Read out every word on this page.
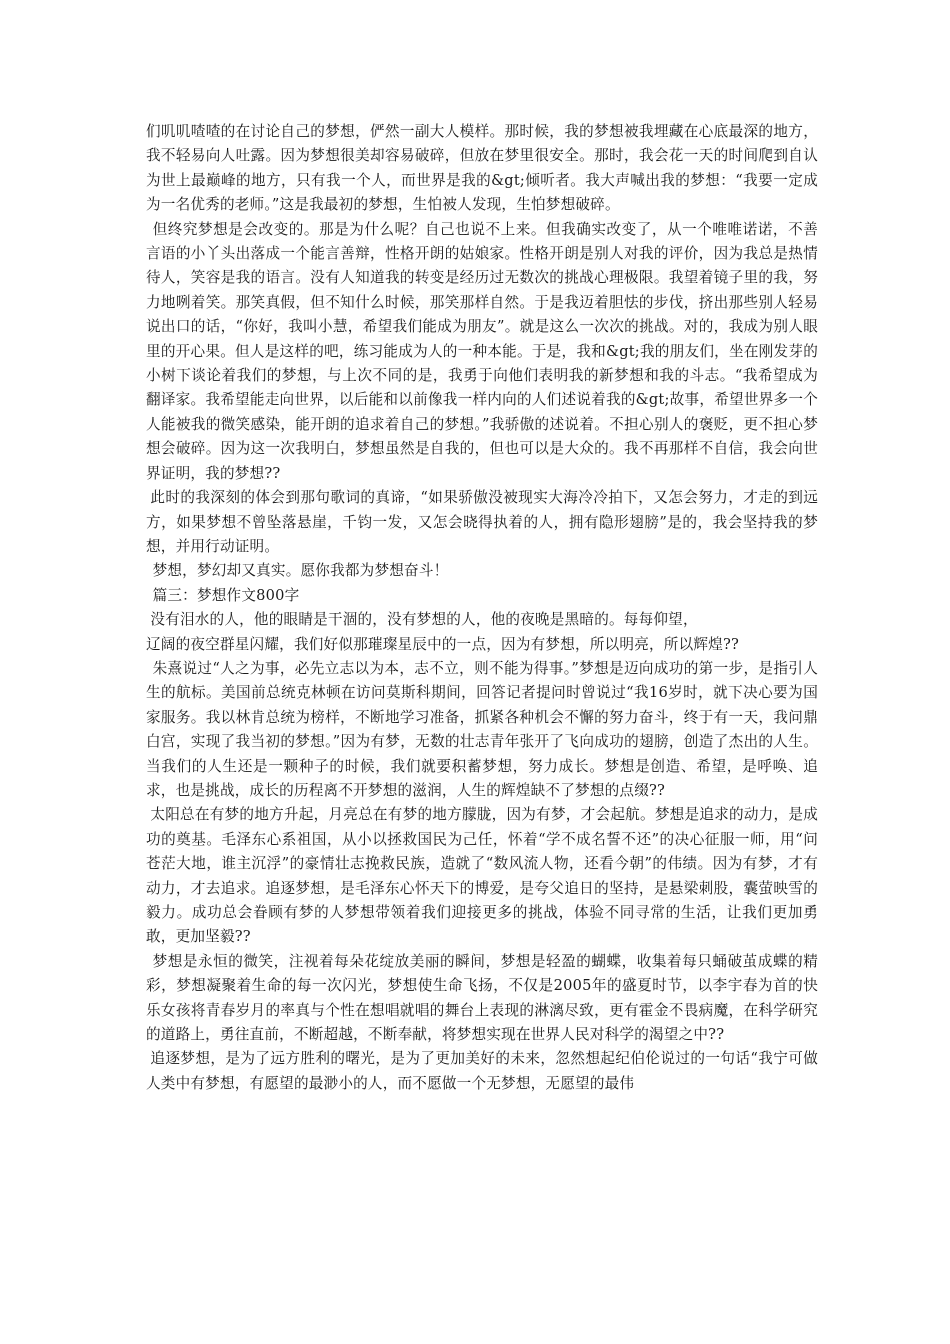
们叽叽喳喳的在讨论自己的梦想，俨然一副大人模样。那时候，我的梦想被我埋藏在心底最深的地方，我不轻易向人吐露。因为梦想很美却容易破碎，但放在梦里很安全。那时，我会花一天的时间爬到自认为世上最巅峰的地方，只有我一个人，而世界是我的&gt;倾听者。我大声喊出我的梦想：“我要一定成为一名优秀的老师。”这是我最初的梦想，生怕被人发现，生怕梦想破碎。

但终究梦想是会改变的。那是为什么呢？自己也说不上来。但我确实改变了，从一个唯唯诺诺，不善言语的小丫头出落成一个能言善辩，性格开朗的姑娘家。性格开朗是别人对我的评价，因为我总是热情待人，笑容是我的语言。没有人知道我的转变是经历过无数次的挑战心理极限。我望着镜子里的我，努力地咧着笑。那笑真假，但不知什么时候，那笑那样自然。于是我迈着胆怯的步伐，挤出那些别人轻易说出口的话，“你好，我叫小慧，希望我们能成为朋友”。就是这么一次次的挑战。对的，我成为别人眼里的开心果。但人是这样的吧，练习能成为人的一种本能。于是，我和&gt;我的朋友们，坐在刚发芽的小树下谈论着我们的梦想，与上次不同的是，我勇于向他们表明我的新梦想和我的斗志。“我希望成为翻译家。我希望能走向世界，以后能和以前像我一样内向的人们述说着我的&gt;故事，希望世界多一个人能被我的微笑感染，能开朗的追求着自己的梦想。”我骄傲的述说着。不担心别人的褒贬，更不担心梦想会破碎。因为这一次我明白，梦想虽然是自我的，但也可以是大众的。我不再那样不自信，我会向世界证明，我的梦想??

此时的我深刻的体会到那句歌词的真谛，“如果骄傲没被现实大海冷冷拍下，又怎会努力，才走的到远方，如果梦想不曾坠落悬崖，千钧一发，又怎会晓得执着的人，拥有隐形翅膀”是的，我会坚持我的梦想，并用行动证明。

梦想，梦幻却又真实。愿你我都为梦想奋斗！

篇三：梦想作文800字

没有泪水的人，他的眼睛是干涸的，没有梦想的人，他的夜晚是黑暗的。每每仰望，

辽阔的夜空群星闪耀，我们好似那璀璨星辰中的一点，因为有梦想，所以明亮，所以辉煌??

朱熹说过“人之为事，必先立志以为本，志不立，则不能为得事。”梦想是迈向成功的第一步，是指引人生的航标。美国前总统克林顿在访问莫斯科期间，回答记者提问时曾说过“我16岁时，就下决心要为国家服务。我以林肯总统为榜样，不断地学习准备，抓紧各种机会不懈的努力奋斗，终于有一天，我问鼎白宫，实现了我当初的梦想。”因为有梦，无数的壮志青年张开了飞向成功的翅膀，创造了杰出的人生。当我们的人生还是一颗种子的时候，我们就要积蓄梦想，努力成长。梦想是创造、希望，是呼唤、追求，也是挑战，成长的历程离不开梦想的滋润，人生的辉煌缺不了梦想的点缀??

太阳总在有梦的地方升起，月亮总在有梦的地方朦胧，因为有梦，才会起航。梦想是追求的动力，是成功的奠基。毛泽东心系祖国，从小以拯救国民为己任，怀着“学不成名誓不还”的决心征服一师，用“问苍茫大地，谁主沉浮”的豪情壮志挽救民族，造就了“数风流人物，还看今朝”的伟绩。因为有梦，才有动力，才去追求。追逐梦想，是毛泽东心怀天下的博爱，是夸父追日的坚持，是悬梁刺股，囊萤映雪的毅力。成功总会眷顾有梦的人梦想带领着我们迎接更多的挑战，体验不同寻常的生活，让我们更加勇敢，更加坚毅??

梦想是永恒的微笑，注视着每朵花绽放美丽的瞬间，梦想是轻盈的蝴蝶，收集着每只蛹破茧成蝶的精彩，梦想凝聚着生命的每一次闪光，梦想使生命飞扬，不仅是2005年的盛夏时节，以李宇春为首的快乐女孩将青春岁月的率真与个性在想唱就唱的舞台上表现的淋漓尽致，更有霍金不畏病魔，在科学研究的道路上，勇往直前，不断超越，不断奉献，将梦想实现在世界人民对科学的渴望之中??

追逐梦想，是为了远方胜利的曙光，是为了更加美好的未来，忽然想起纪伯伦说过的一句话“我宁可做人类中有梦想，有愿望的最渺小的人，而不愿做一个无梦想，无愿望的最伟
